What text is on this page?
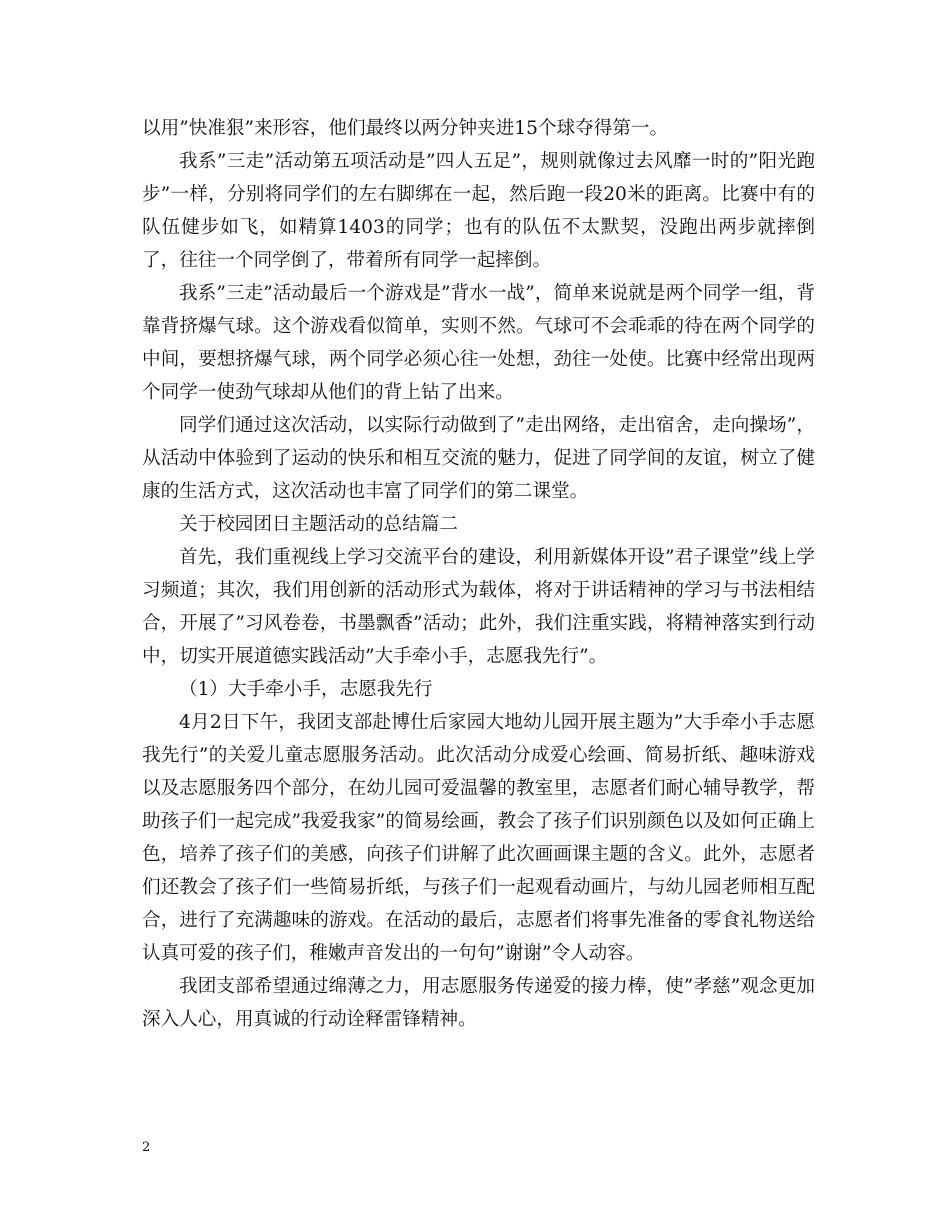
以用”快准狠”来形容，他们最终以两分钟夹进15个球夺得第一。

我系”三走”活动第五项活动是”四人五足”，规则就像过去风靡一时的”阳光跑步”一样，分别将同学们的左右脚绑在一起，然后跑一段20米的距离。比赛中有的队伍健步如飞，如精算1403的同学；也有的队伍不太默契，没跑出两步就摔倒了，往往一个同学倒了，带着所有同学一起摔倒。

我系”三走”活动最后一个游戏是”背水一战”，简单来说就是两个同学一组，背靠背挤爆气球。这个游戏看似简单，实则不然。气球可不会乖乖的待在两个同学的中间，要想挤爆气球，两个同学必须心往一处想，劲往一处使。比赛中经常出现两个同学一使劲气球却从他们的背上钻了出来。

同学们通过这次活动，以实际行动做到了”走出网络，走出宿舍，走向操场”，从活动中体验到了运动的快乐和相互交流的魅力，促进了同学间的友谊，树立了健康的生活方式，这次活动也丰富了同学们的第二课堂。

关于校园团日主题活动的总结篇二

首先，我们重视线上学习交流平台的建设，利用新媒体开设”君子课堂”线上学习频道；其次，我们用创新的活动形式为载体，将对于讲话精神的学习与书法相结合，开展了”习风卷卷，书墨飘香”活动；此外，我们注重实践，将精神落实到行动中，切实开展道德实践活动”大手牵小手，志愿我先行”。

（1）大手牵小手，志愿我先行

4月2日下午，我团支部赴博仕后家园大地幼儿园开展主题为”大手牵小手志愿我先行”的关爱儿童志愿服务活动。此次活动分成爱心绘画、简易折纸、趣味游戏以及志愿服务四个部分，在幼儿园可爱温馨的教室里，志愿者们耐心辅导教学，帮助孩子们一起完成”我爱我家”的简易绘画，教会了孩子们识别颜色以及如何正确上色，培养了孩子们的美感，向孩子们讲解了此次画画课主题的含义。此外，志愿者们还教会了孩子们一些简易折纸，与孩子们一起观看动画片，与幼儿园老师相互配合，进行了充满趣味的游戏。在活动的最后，志愿者们将事先准备的零食礼物送给认真可爱的孩子们，稚嫩声音发出的一句句”谢谢”令人动容。

我团支部希望通过绵薄之力，用志愿服务传递爱的接力棒，使”孝慈”观念更加深入人心，用真诚的行动诠释雷锋精神。

2
